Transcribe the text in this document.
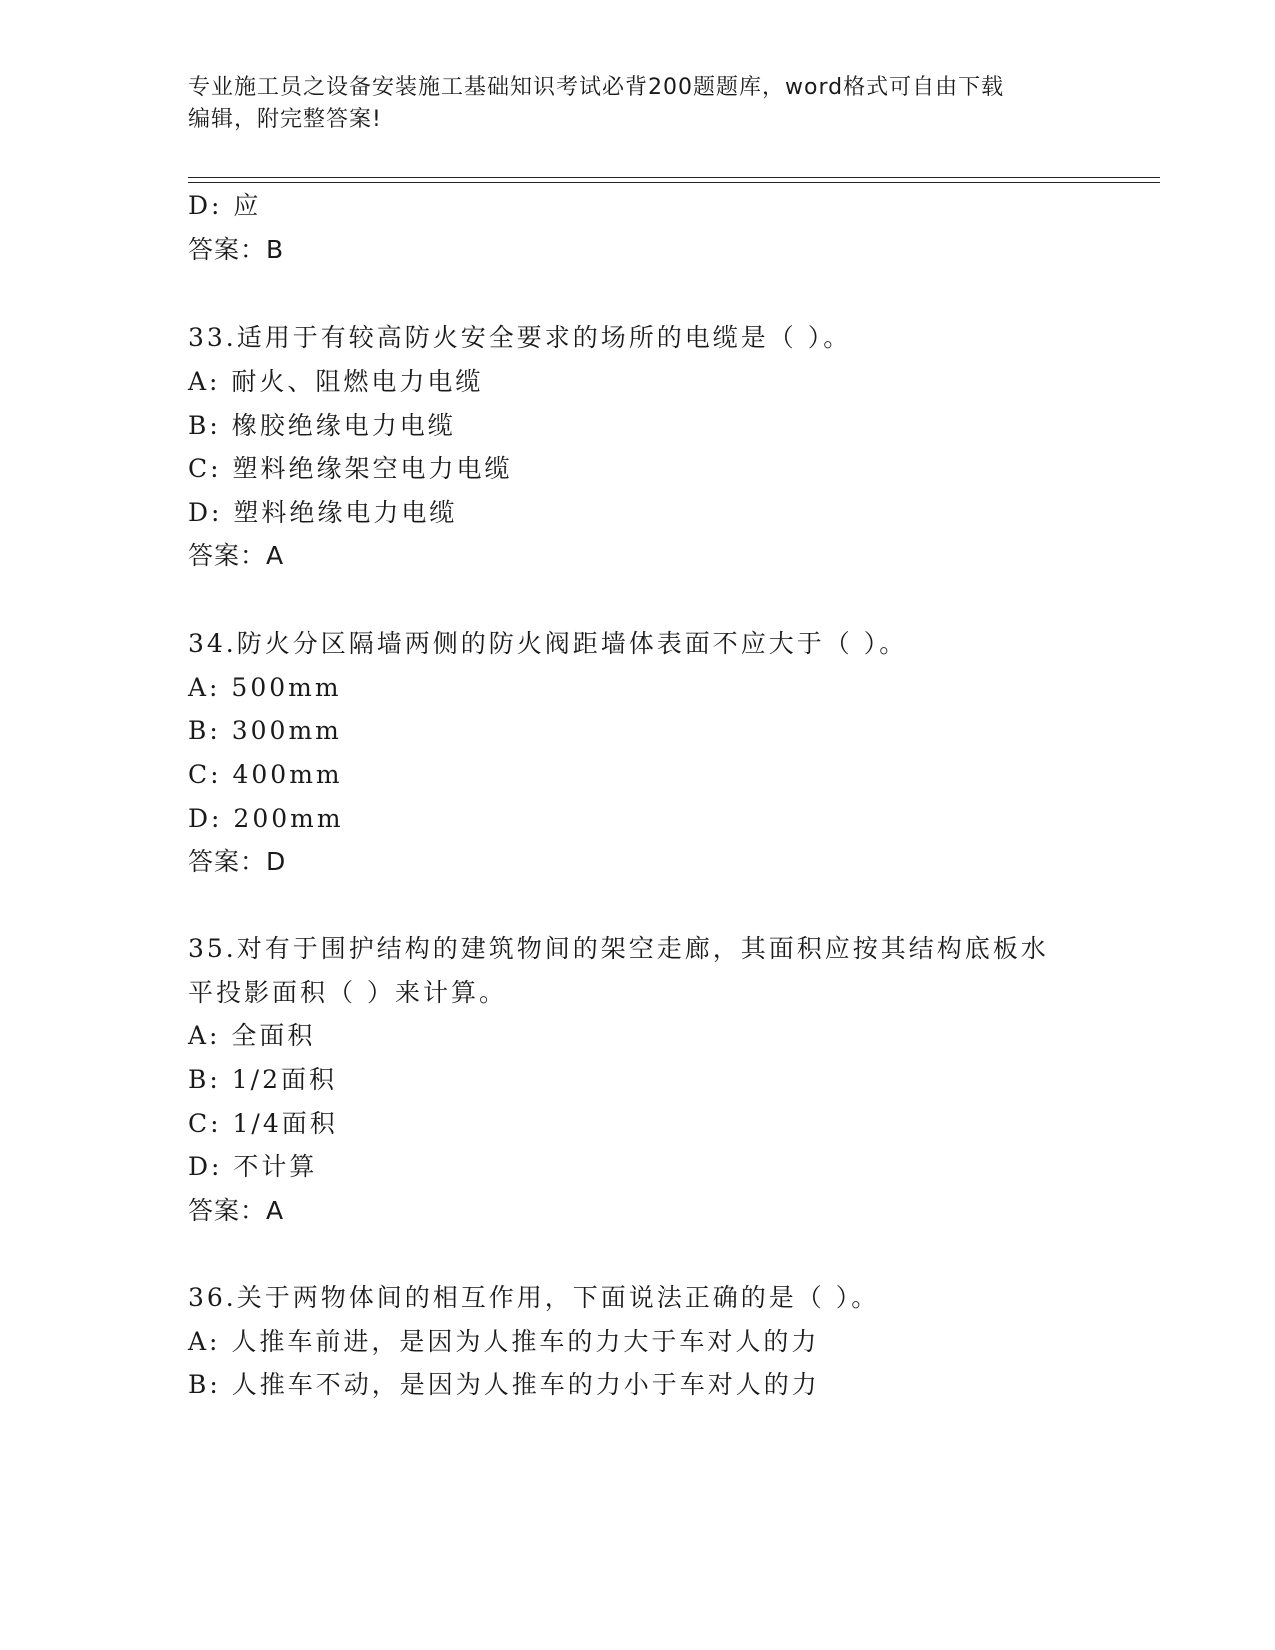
专业施工员之设备安装施工基础知识考试必背200题题库，word格式可自由下载
编辑，附完整答案!
D: 应
答案：B
33.适用于有较高防火安全要求的场所的电缆是（ ）。
A: 耐火、阻燃电力电缆
B: 橡胶绝缘电力电缆
C: 塑料绝缘架空电力电缆
D: 塑料绝缘电力电缆
答案：A
34.防火分区隔墙两侧的防火阀距墙体表面不应大于（ ）。
A: 500mm
B: 300mm
C: 400mm
D: 200mm
答案：D
35.对有于围护结构的建筑物间的架空走廊，其面积应按其结构底板水
平投影面积（ ）来计算。
A: 全面积
B: 1/2面积
C: 1/4面积
D: 不计算
答案：A
36.关于两物体间的相互作用，下面说法正确的是（ ）。
A: 人推车前进，是因为人推车的力大于车对人的力
B: 人推车不动，是因为人推车的力小于车对人的力
